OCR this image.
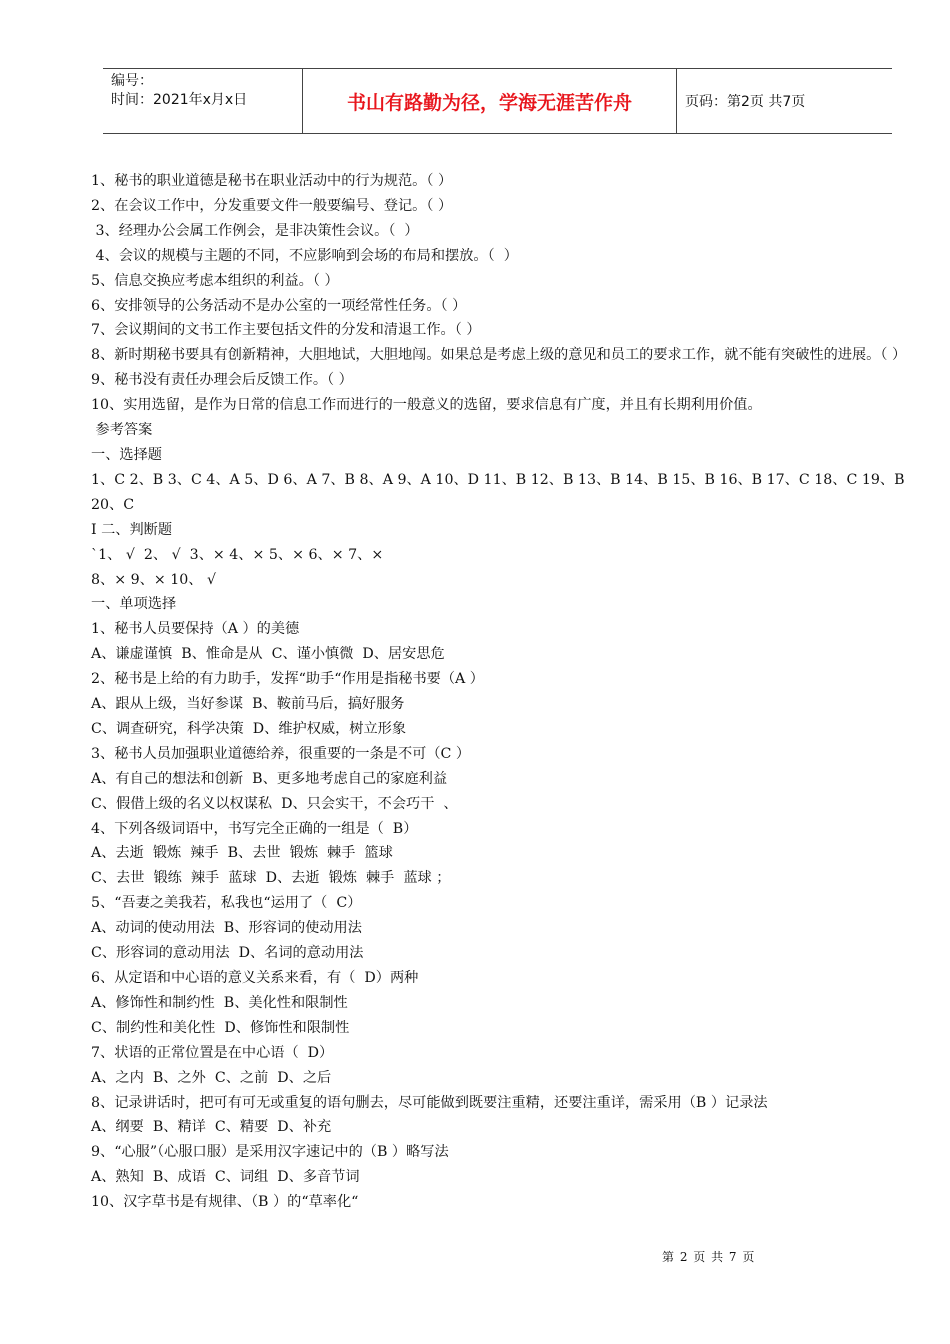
编号：
时间：2021年x月x日	书山有路勤为径，学海无涯苦作舟	页码：第2页 共7页
1、秘书的职业道德是秘书在职业活动中的行为规范。（ ）
2、在会议工作中，分发重要文件一般要编号、登记。（ ）
3、经理办公会属工作例会，是非决策性会议。（  ）
4、会议的规模与主题的不同，不应影响到会场的布局和摆放。（  ）
5、信息交换应考虑本组织的利益。（ ）
6、安排领导的公务活动不是办公室的一项经常性任务。（ ）
7、会议期间的文书工作主要包括文件的分发和清退工作。（ ）
8、新时期秘书要具有创新精神，大胆地试，大胆地闯。如果总是考虑上级的意见和员工的要求工作，就不能有突破性的进展。（ ）
9、秘书没有责任办理会后反馈工作。（ ）
10、实用选留，是作为日常的信息工作而进行的一般意义的选留，要求信息有广度，并且有长期利用价值。
参考答案
一、选择题
1、C 2、B 3、C 4、A 5、D 6、A 7、B 8、A 9、A 10、D 11、B 12、B 13、B 14、B 15、B 16、B 17、C 18、C 19、B 20、C
I 二、判断题
`1、 √  2、 √  3、× 4、× 5、× 6、× 7、×
8、× 9、× 10、 √
一、单项选择
1、秘书人员要保持（A ）的美德
A、谦虚谨慎  B、惟命是从  C、谨小慎微  D、居安思危
2、秘书是上给的有力助手，发挥“助手“作用是指秘书要（A ）
A、跟从上级，当好参谋  B、鞍前马后，搞好服务
C、调查研究，科学决策  D、维护权威，树立形象
3、秘书人员加强职业道德给养，很重要的一条是不可（C ）
A、有自己的想法和创新  B、更多地考虑自己的家庭利益
C、假借上级的名义以权谋私  D、只会实干，不会巧干  、
4、下列各级词语中，书写完全正确的一组是（  B）
A、去逝  锻炼  辣手  B、去世  锻炼  棘手  篮球
C、去世  锻练  辣手  蓝球  D、去逝  锻炼  棘手  蓝球 ；
5、“吾妻之美我若，私我也“运用了（  C）
A、动词的使动用法  B、形容词的使动用法
C、形容词的意动用法  D、名词的意动用法
6、从定语和中心语的意义关系来看，有（  D）两种
A、修饰性和制约性  B、美化性和限制性
C、制约性和美化性  D、修饰性和限制性
7、状语的正常位置是在中心语（  D）
A、之内  B、之外  C、之前  D、之后
8、记录讲话时，把可有可无或重复的语句删去，尽可能做到既要注重精，还要注重详，需采用（B ）记录法
A、纲要  B、精详  C、精要  D、补充
9、“心服”（心服口服）是采用汉字速记中的（B ）略写法
A、熟知  B、成语  C、词组  D、多音节词
10、汉字草书是有规律、（B ）的“草率化“
第 2 页 共 7 页
